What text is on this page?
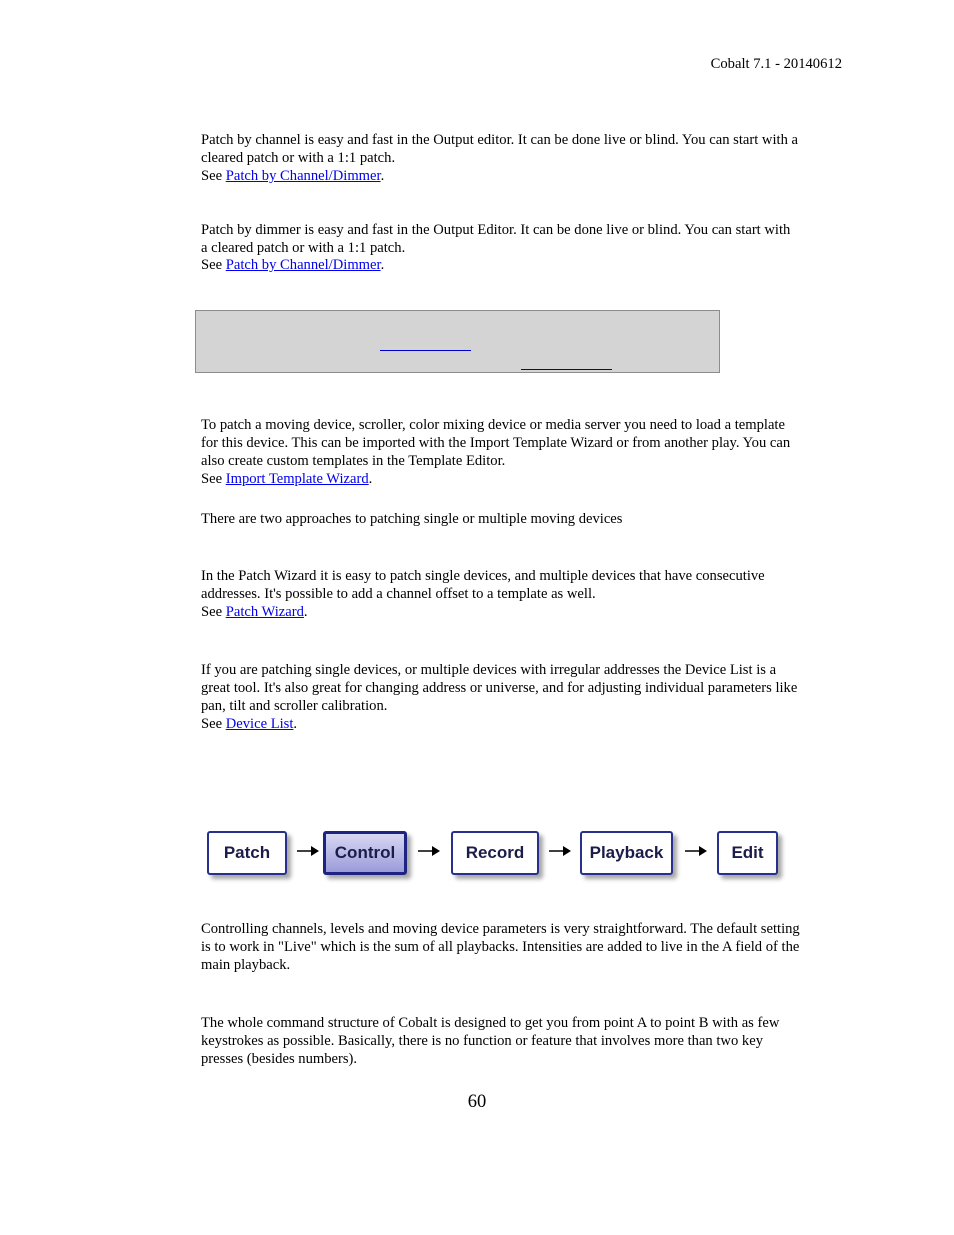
Cobalt 7.1 - 20140612
Patch by channel is easy and fast in the Output editor. It can be done live or blind. You can start with a
cleared patch or with a 1:1 patch.
See Patch by Channel/Dimmer.
Patch by dimmer is easy and fast in the Output Editor. It can be done live or blind. You can start with
a cleared patch or with a 1:1 patch.
See Patch by Channel/Dimmer.
To patch a moving device, scroller, color mixing device or media server you need to load a template
for this device. This can be imported with the Import Template Wizard or from another play. You can
also create custom templates in the Template Editor.
See Import Template Wizard.
There are two approaches to patching single or multiple moving devices
In the Patch Wizard it is easy to patch single devices, and multiple devices that have consecutive
addresses. It's possible to add a channel offset to a template as well.
See Patch Wizard.
If you are patching single devices, or multiple devices with irregular addresses the Device List is a
great tool. It's also great for changing address or universe, and for adjusting individual parameters like
pan, tilt and scroller calibration.
See Device List.
Patch	Control	Record	Playback	Edit
Controlling channels, levels and moving device parameters is very straightforward. The default setting
is to work in "Live" which is the sum of all playbacks. Intensities are added to live in the A field of the
main playback.
The whole command structure of Cobalt is designed to get you from point A to point B with as few
keystrokes as possible. Basically, there is no function or feature that involves more than two key
presses (besides numbers).
60
